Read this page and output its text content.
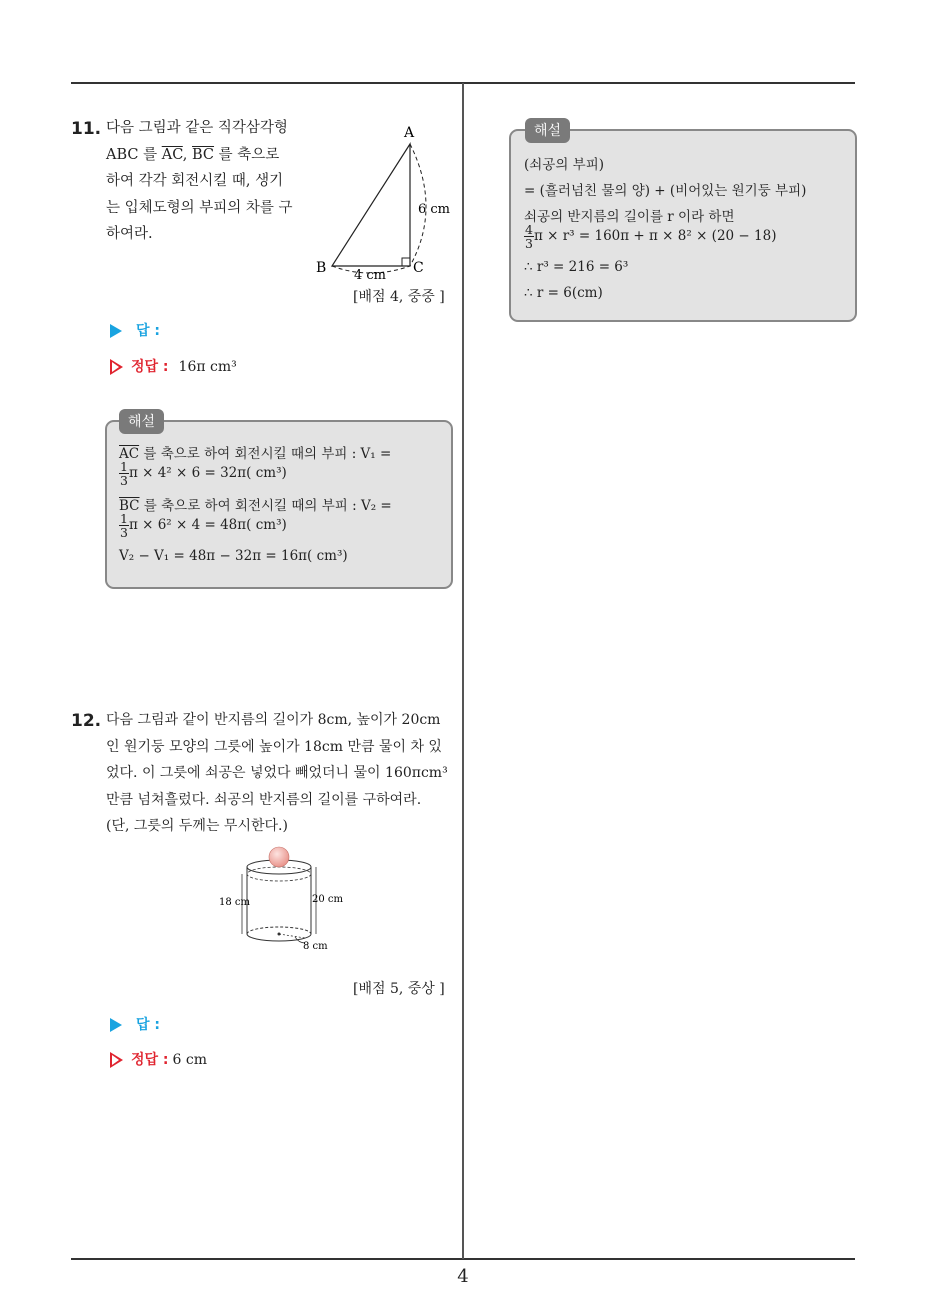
11. 다음 그림과 같은 직각삼각형
ABC 를 $\overline{AC}$, $\overline{BC}$ 를 축으로
하여 각각 회전시킬 때, 생기
는 입체도형의 부피의 차를 구
하여라.
A
B	C
6 cm
4 cm
[배점 4, 중중 ]
답 :
정답 : 16π cm³
해설
$\overline{AC}$ 를 축으로 하여 회전시킬 때의 부피 : V₁ =
$\frac{1}{3}$ π × 4² × 6 = 32π( cm³)
$\overline{BC}$ 를 축으로 하여 회전시킬 때의 부피 : V₂ =
$\frac{1}{3}$ π × 6² × 4 = 48π( cm³)
V₂ − V₁ = 48π − 32π = 16π( cm³)
12. 다음 그림과 같이 반지름의 길이가 8cm, 높이가 20cm
인 원기둥 모양의 그릇에 높이가 18cm 만큼 물이 차 있
었다. 이 그릇에 쇠공은 넣었다 빼었더니 물이 160πcm³
만큼 넘쳐흘렀다. 쇠공의 반지름의 길이를 구하여라.
(단, 그릇의 두께는 무시한다.)
18 cm	20 cm
8 cm
[배점 5, 중상 ]
답 :
정답 : 6 cm
해설
(쇠공의 부피)
= (흘러넘친 물의 양) + (비어있는 원기둥 부피)
쇠공의 반지름의 길이를 r 이라 하면
$\frac{4}{3}$ π × r³ = 160π + π × 8² × (20 − 18)
∴ r³ = 216 = 6³
∴ r = 6(cm)
4
